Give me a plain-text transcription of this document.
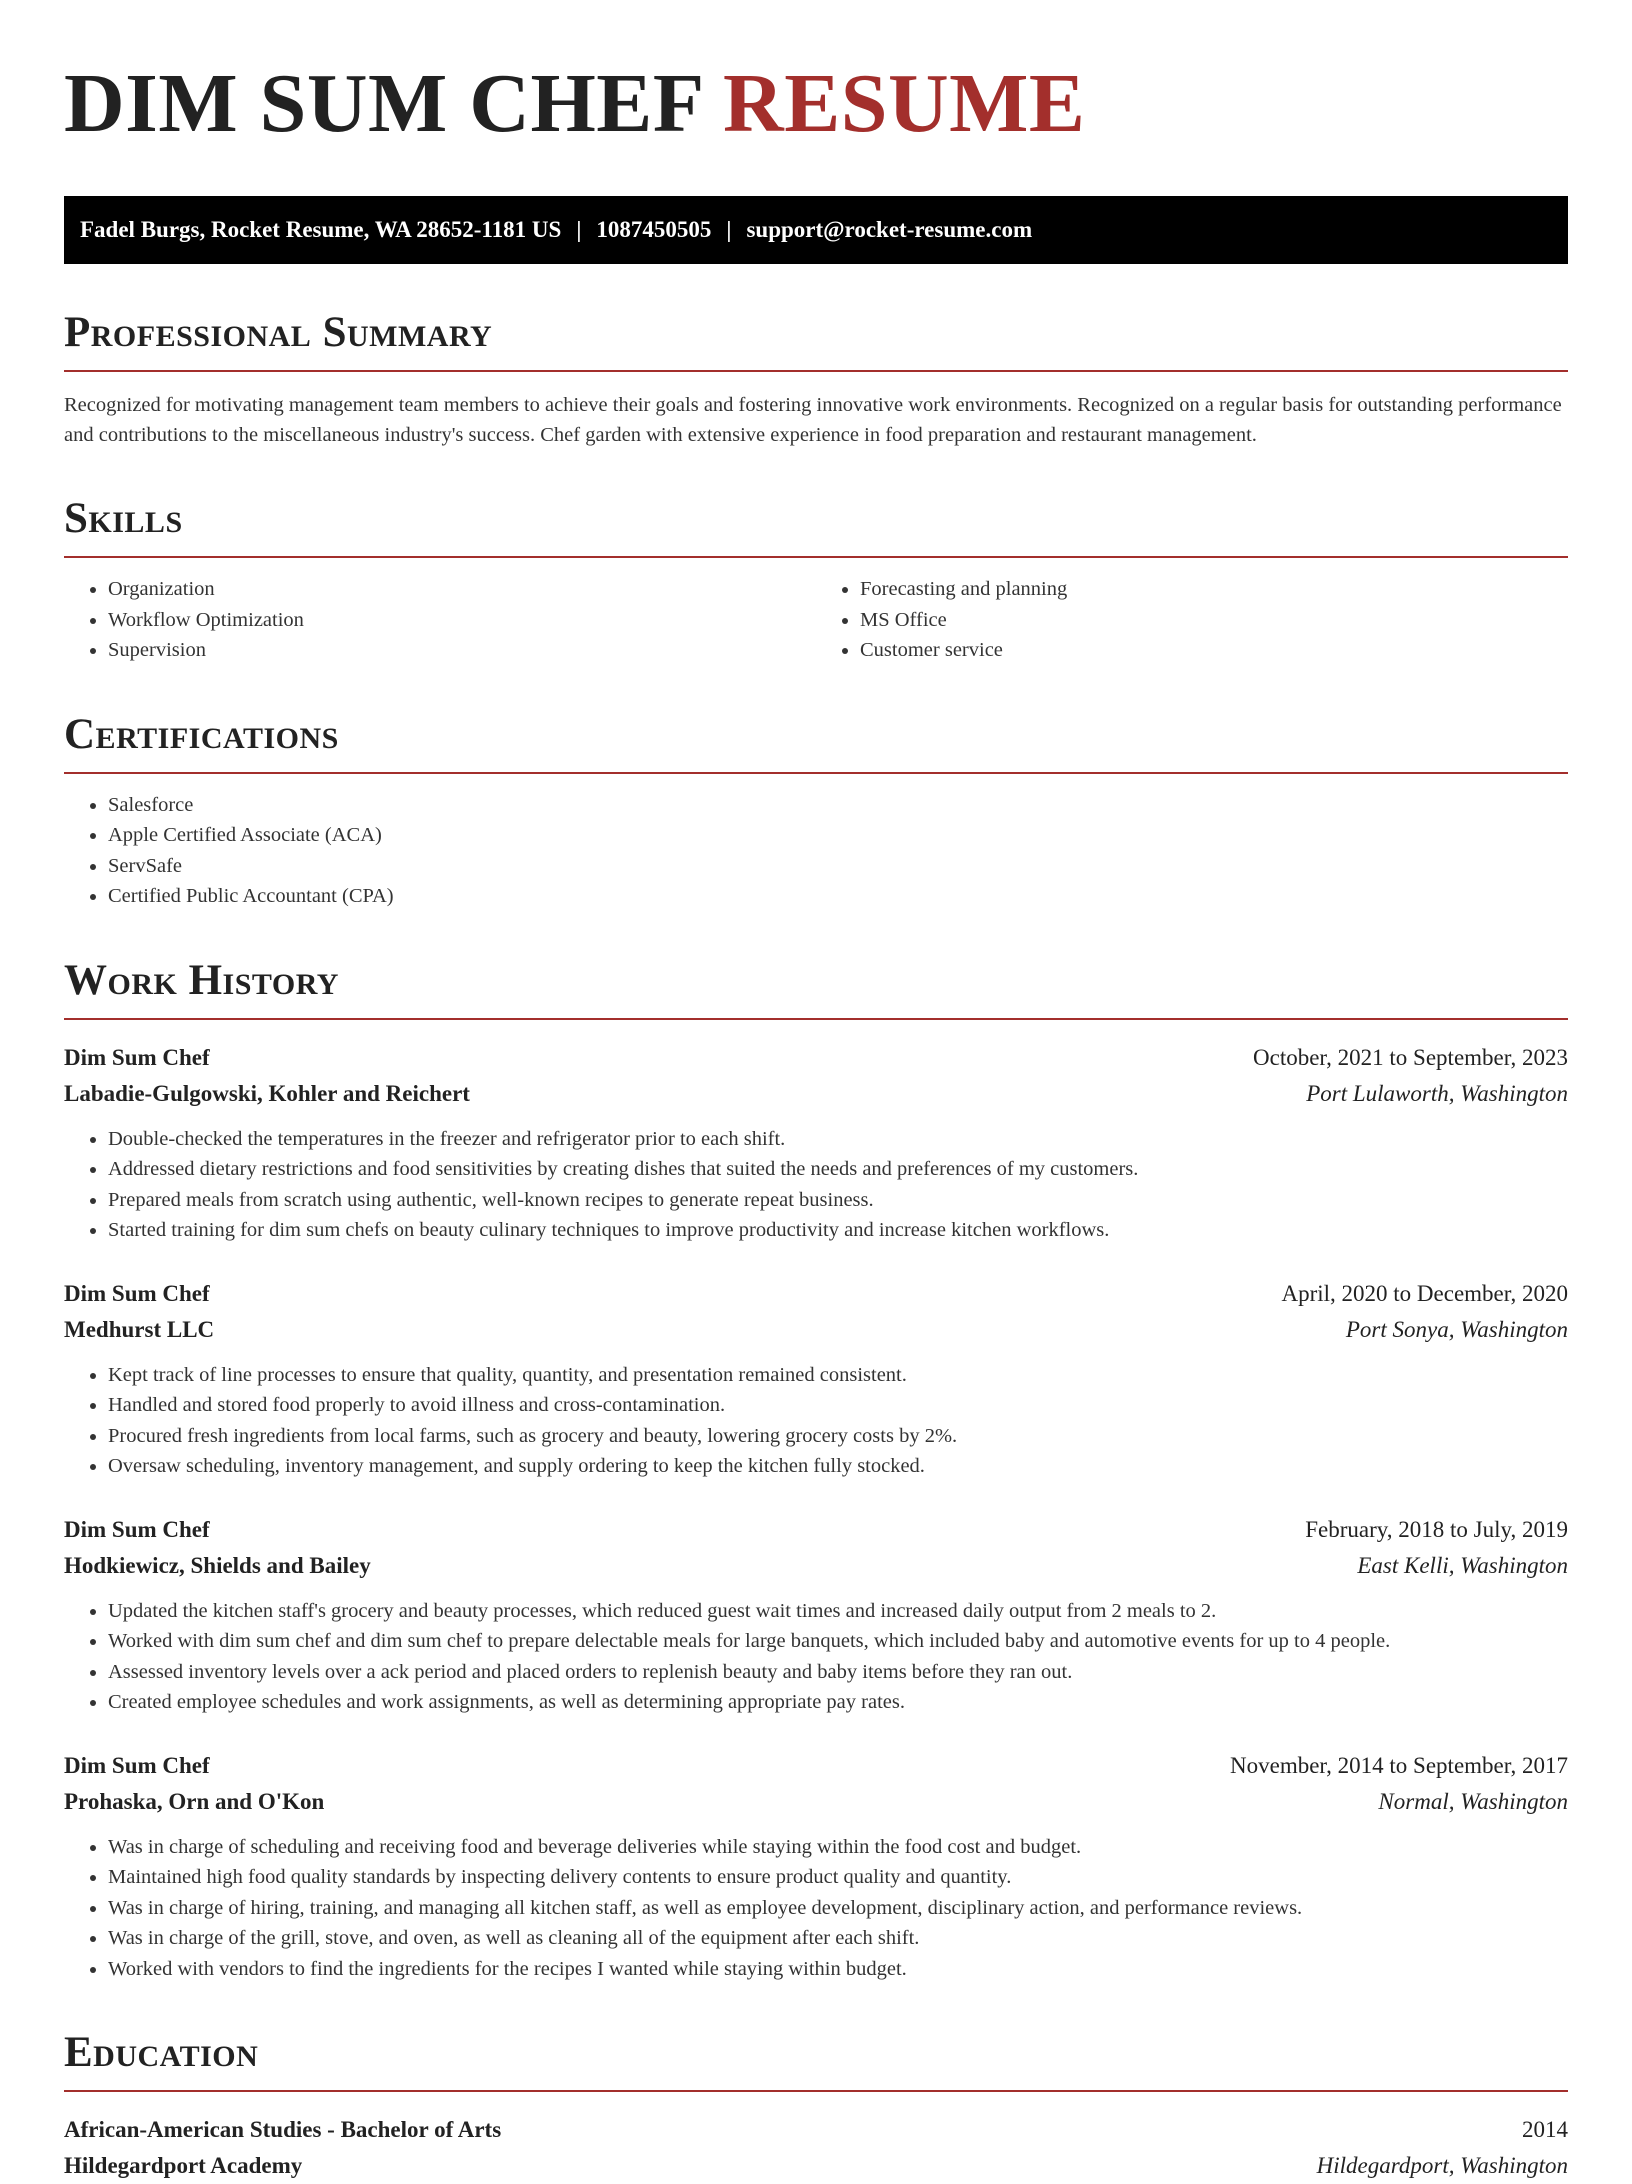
DIM SUM CHEF RESUME
Fadel Burgs, Rocket Resume, WA 28652-1181 US | 1087450505 | support@rocket-resume.com
Professional Summary

Recognized for motivating management team members to achieve their goals and fostering innovative work environments. Recognized on a regular basis for outstanding performance and contributions to the miscellaneous industry's success. Chef garden with extensive experience in food preparation and restaurant management.

Skills
• Organization
• Workflow Optimization
• Supervision
• Forecasting and planning
• MS Office
• Customer service
Certifications
• Salesforce
• Apple Certified Associate (ACA)
• ServSafe
• Certified Public Accountant (CPA)
Work History
Dim Sum Chef	October, 2021 to September, 2023
Labadie-Gulgowski, Kohler and Reichert	Port Lulaworth, Washington
• Double-checked the temperatures in the freezer and refrigerator prior to each shift.
• Addressed dietary restrictions and food sensitivities by creating dishes that suited the needs and preferences of my customers.
• Prepared meals from scratch using authentic, well-known recipes to generate repeat business.
• Started training for dim sum chefs on beauty culinary techniques to improve productivity and increase kitchen workflows.
Dim Sum Chef	April, 2020 to December, 2020
Medhurst LLC	Port Sonya, Washington
• Kept track of line processes to ensure that quality, quantity, and presentation remained consistent.
• Handled and stored food properly to avoid illness and cross-contamination.
• Procured fresh ingredients from local farms, such as grocery and beauty, lowering grocery costs by 2%.
• Oversaw scheduling, inventory management, and supply ordering to keep the kitchen fully stocked.
Dim Sum Chef	February, 2018 to July, 2019
Hodkiewicz, Shields and Bailey	East Kelli, Washington
• Updated the kitchen staff's grocery and beauty processes, which reduced guest wait times and increased daily output from 2 meals to 2.
• Worked with dim sum chef and dim sum chef to prepare delectable meals for large banquets, which included baby and automotive events for up to 4 people.
• Assessed inventory levels over a ack period and placed orders to replenish beauty and baby items before they ran out.
• Created employee schedules and work assignments, as well as determining appropriate pay rates.
Dim Sum Chef	November, 2014 to September, 2017
Prohaska, Orn and O'Kon	Normal, Washington
• Was in charge of scheduling and receiving food and beverage deliveries while staying within the food cost and budget.
• Maintained high food quality standards by inspecting delivery contents to ensure product quality and quantity.
• Was in charge of hiring, training, and managing all kitchen staff, as well as employee development, disciplinary action, and performance reviews.
• Was in charge of the grill, stove, and oven, as well as cleaning all of the equipment after each shift.
• Worked with vendors to find the ingredients for the recipes I wanted while staying within budget.
Education
African-American Studies - Bachelor of Arts	2014
Hildegardport Academy	Hildegardport, Washington
